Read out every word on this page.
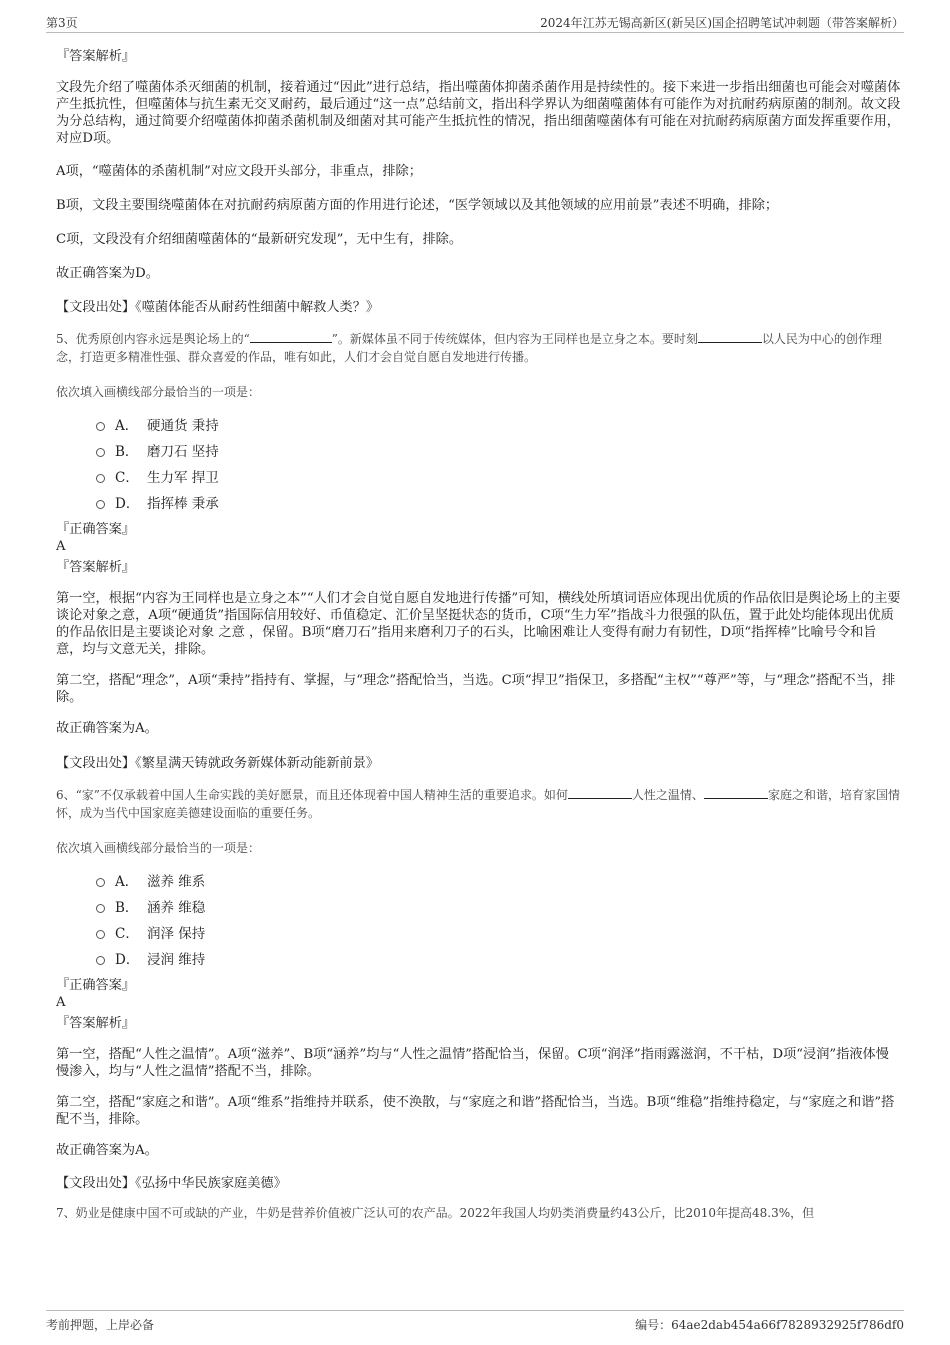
第3页	2024年江苏无锡高新区(新吴区)国企招聘笔试冲刺题（带答案解析）

『答案解析』

文段先介绍了噬菌体杀灭细菌的机制，接着通过“因此”进行总结，指出噬菌体抑菌杀菌作用是持续性的。接下来进一步指出细菌也可能会对噬菌体产生抵抗性，但噬菌体与抗生素无交叉耐药，最后通过“这一点”总结前文，指出科学界认为细菌噬菌体有可能作为对抗耐药病原菌的制剂。故文段为分总结构，通过简要介绍噬菌体抑菌杀菌机制及细菌对其可能产生抵抗性的情况，指出细菌噬菌体有可能在对抗耐药病原菌方面发挥重要作用，对应D项。

A项，“噬菌体的杀菌机制”对应文段开头部分，非重点，排除；

B项，文段主要围绕噬菌体在对抗耐药病原菌方面的作用进行论述，“医学领域以及其他领域的应用前景”表述不明确，排除；

C项，文段没有介绍细菌噬菌体的“最新研究发现”，无中生有，排除。

故正确答案为D。

【文段出处】《噬菌体能否从耐药性细菌中解救人类？》

5、优秀原创内容永远是舆论场上的“	”。新媒体虽不同于传统媒体，但内容为王同样也是立身之本。要时刻	以人民为中心的创作理念，打造更多精准性强、群众喜爱的作品，唯有如此，人们才会自觉自愿自发地进行传播。

依次填入画横线部分最恰当的一项是：

A． 硬通货 秉持
B． 磨刀石 坚持
C． 生力军 捍卫
D． 指挥棒 秉承

『正确答案』

A

『答案解析』

第一空，根据“内容为王同样也是立身之本”“人们才会自觉自愿自发地进行传播”可知，横线处所填词语应体现出优质的作品依旧是舆论场上的主要谈论对象之意，A项“硬通货”指国际信用较好、币值稳定、汇价呈坚挺状态的货币，C项“生力军”指战斗力很强的队伍，置于此处均能体现出优质的作品依旧是主要谈论对象 之意 ，保留。B项“磨刀石”指用来磨利刀子的石头，比喻困难让人变得有耐力有韧性，D项“指挥棒”比喻号令和旨意，均与文意无关，排除。

第二空，搭配“理念”，A项“秉持”指持有、掌握，与“理念”搭配恰当，当选。C项“捍卫”指保卫，多搭配“主权”“尊严”等，与“理念”搭配不当，排除。

故正确答案为A。

【文段出处】《繁星满天铸就政务新媒体新动能新前景》

6、“家”不仅承载着中国人生命实践的美好愿景，而且还体现着中国人精神生活的重要追求。如何	人性之温情、	家庭之和谐，培育家国情怀，成为当代中国家庭美德建设面临的重要任务。

依次填入画横线部分最恰当的一项是：

A． 滋养 维系
B． 涵养 维稳
C． 润泽 保持
D． 浸润 维持

『正确答案』

A

『答案解析』

第一空，搭配“人性之温情”。A项“滋养”、B项“涵养”均与“人性之温情”搭配恰当，保留。C项“润泽”指雨露滋润，不干枯，D项“浸润”指液体慢慢渗入，均与“人性之温情”搭配不当，排除。

第二空，搭配“家庭之和谐”。A项“维系”指维持并联系，使不涣散，与“家庭之和谐”搭配恰当，当选。B项“维稳”指维持稳定，与“家庭之和谐”搭配不当，排除。

故正确答案为A。

【文段出处】《弘扬中华民族家庭美德》

7、奶业是健康中国不可或缺的产业，牛奶是营养价值被广泛认可的农产品。2022年我国人均奶类消费量约43公斤，比2010年提高48.3%，但

考前押题，上岸必备	编号：64ae2dab454a66f7828932925f786df0
